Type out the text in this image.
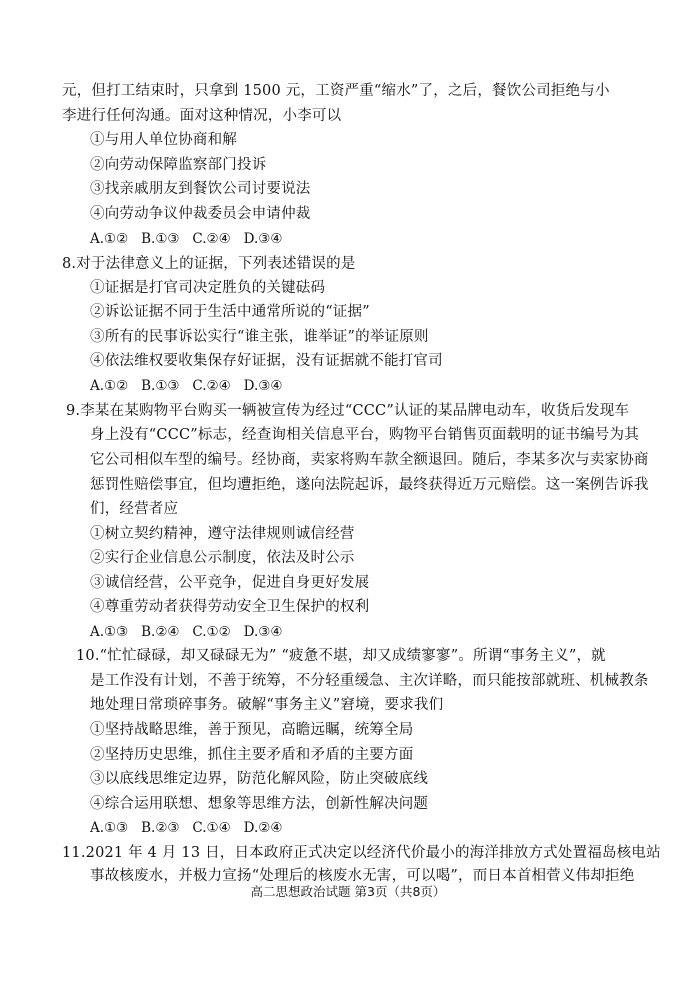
元，但打工结束时，只拿到 1500 元，工资严重“缩水”了，之后，餐饮公司拒绝与小
李进行任何沟通。面对这种情况，小李可以
①与用人单位协商和解
②向劳动保障监察部门投诉
③找亲戚朋友到餐饮公司讨要说法
④向劳动争议仲裁委员会申请仲裁
A.①②   B.①③   C.②④   D.③④
8.对于法律意义上的证据，下列表述错误的是
①证据是打官司决定胜负的关键砝码
②诉讼证据不同于生活中通常所说的“证据”
③所有的民事诉讼实行“谁主张，谁举证”的举证原则
④依法维权要收集保存好证据，没有证据就不能打官司
A.①②   B.①③   C.②④   D.③④
9.李某在某购物平台购买一辆被宣传为经过“CCC”认证的某品牌电动车，收货后发现车
身上没有“CCC”标志，经查询相关信息平台，购物平台销售页面载明的证书编号为其
它公司相似车型的编号。经协商，卖家将购车款全额退回。随后，李某多次与卖家协商
惩罚性赔偿事宜，但均遭拒绝，遂向法院起诉，最终获得近万元赔偿。这一案例告诉我
们，经营者应
①树立契约精神，遵守法律规则诚信经营
②实行企业信息公示制度，依法及时公示
③诚信经营，公平竞争，促进自身更好发展
④尊重劳动者获得劳动安全卫生保护的权利
A.①③   B.②④   C.①②   D.③④
10.“忙忙碌碌，却又碌碌无为” “疲惫不堪，却又成绩寥寥”。所谓“事务主义”，就
是工作没有计划，不善于统筹，不分轻重缓急、主次详略，而只能按部就班、机械教条
地处理日常琐碎事务。破解“事务主义”窘境，要求我们
①坚持战略思维，善于预见，高瞻远瞩，统筹全局
②坚持历史思维，抓住主要矛盾和矛盾的主要方面
③以底线思维定边界，防范化解风险，防止突破底线
④综合运用联想、想象等思维方法，创新性解决问题
A.①③   B.②③   C.①④   D.②④
11.2021 年 4 月 13 日，日本政府正式决定以经济代价最小的海洋排放方式处置福岛核电站
事故核废水，并极力宣扬“处理后的核废水无害，可以喝”，而日本首相菅义伟却拒绝
高二思想政治试题 第3页（共8页）
